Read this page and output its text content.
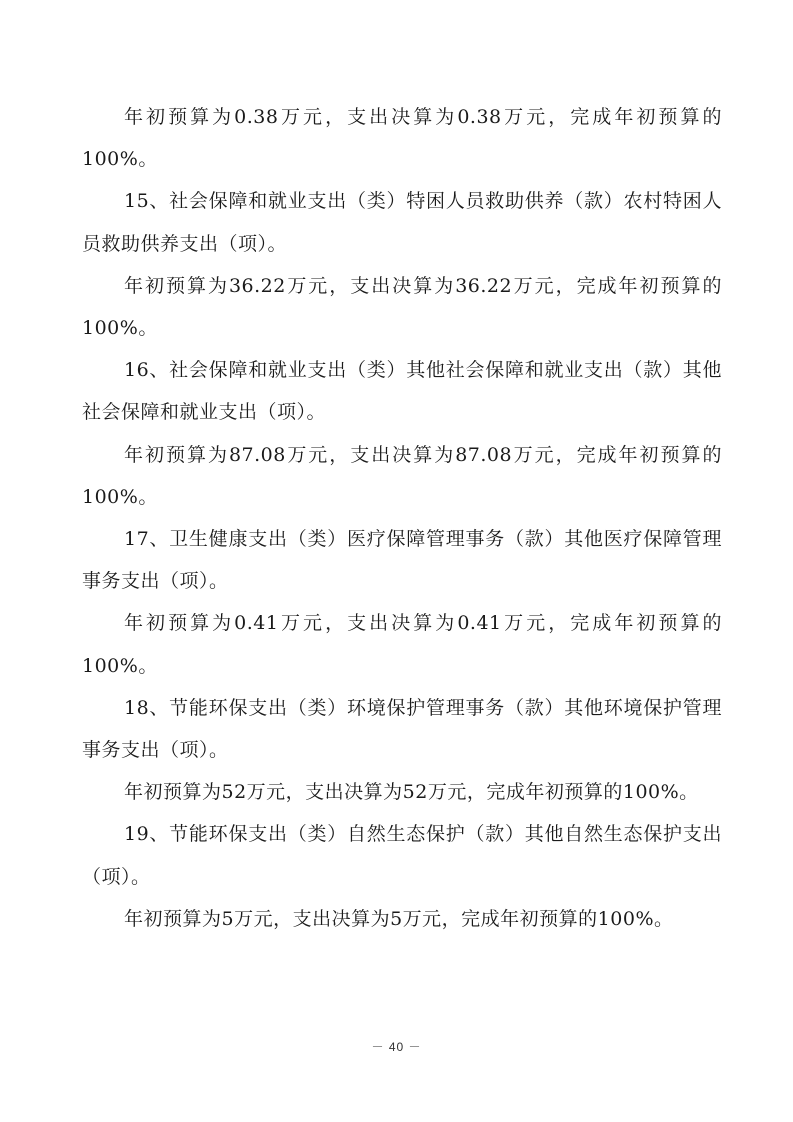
年初预算为0.38万元，支出决算为0.38万元，完成年初预算的100%。

15、社会保障和就业支出（类）特困人员救助供养（款）农村特困人员救助供养支出（项）。

年初预算为36.22万元，支出决算为36.22万元，完成年初预算的100%。

16、社会保障和就业支出（类）其他社会保障和就业支出（款）其他社会保障和就业支出（项）。

年初预算为87.08万元，支出决算为87.08万元，完成年初预算的100%。

17、卫生健康支出（类）医疗保障管理事务（款）其他医疗保障管理事务支出（项）。

年初预算为0.41万元，支出决算为0.41万元，完成年初预算的100%。

18、节能环保支出（类）环境保护管理事务（款）其他环境保护管理事务支出（项）。

年初预算为52万元，支出决算为52万元，完成年初预算的100%。

19、节能环保支出（类）自然生态保护（款）其他自然生态保护支出（项）。

年初预算为5万元，支出决算为5万元，完成年初预算的100%。

－ 40 －
